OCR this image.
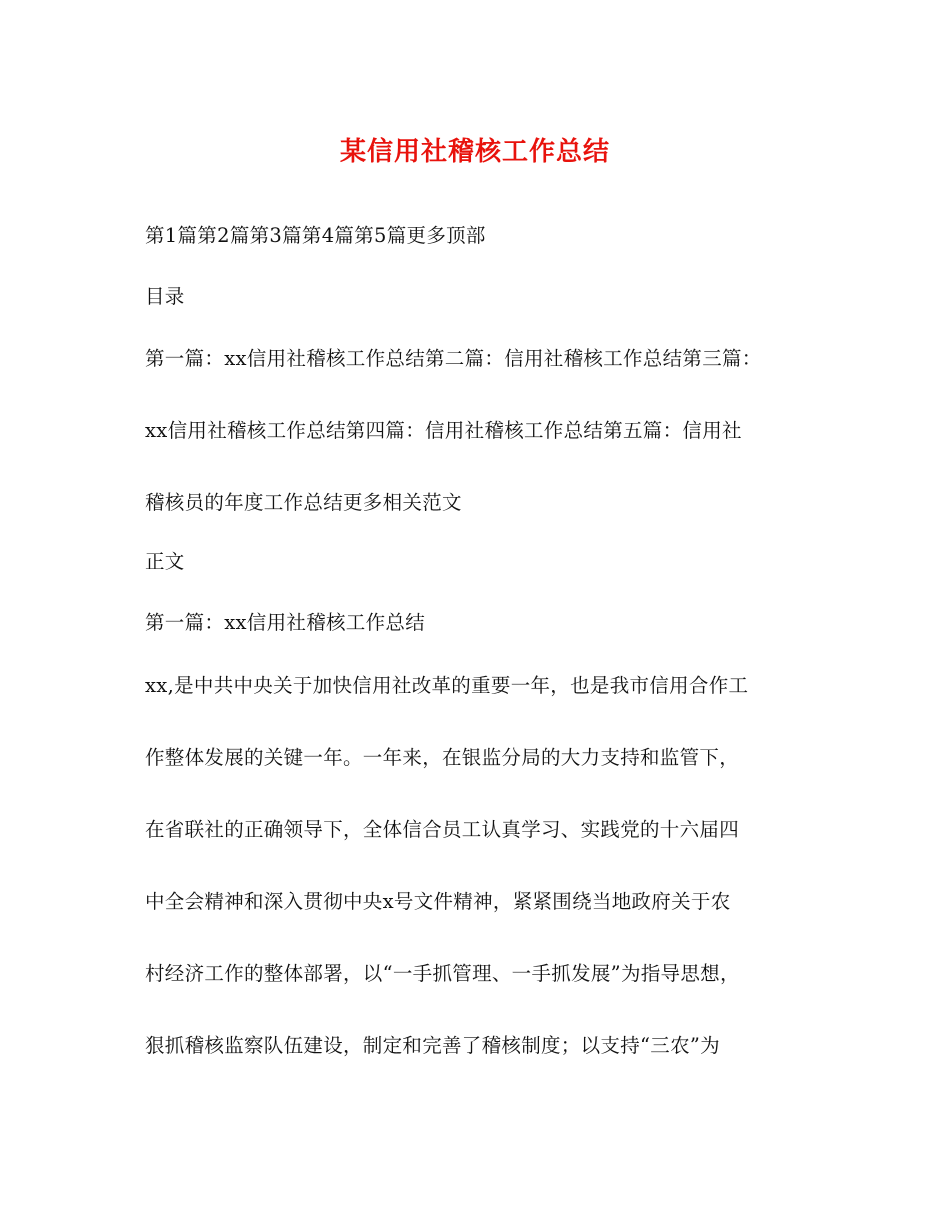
某信用社稽核工作总结
第1篇第2篇第3篇第4篇第5篇更多顶部
目录
第一篇：xx信用社稽核工作总结第二篇：信用社稽核工作总结第三篇：
xx信用社稽核工作总结第四篇：信用社稽核工作总结第五篇：信用社
稽核员的年度工作总结更多相关范文
正文
第一篇：xx信用社稽核工作总结
xx,是中共中央关于加快信用社改革的重要一年，也是我市信用合作工
作整体发展的关键一年。一年来，在银监分局的大力支持和监管下，
在省联社的正确领导下，全体信合员工认真学习、实践党的十六届四
中全会精神和深入贯彻中央x号文件精神，紧紧围绕当地政府关于农
村经济工作的整体部署，以“一手抓管理、一手抓发展”为指导思想，
狠抓稽核监察队伍建设，制定和完善了稽核制度；以支持“三农”为
